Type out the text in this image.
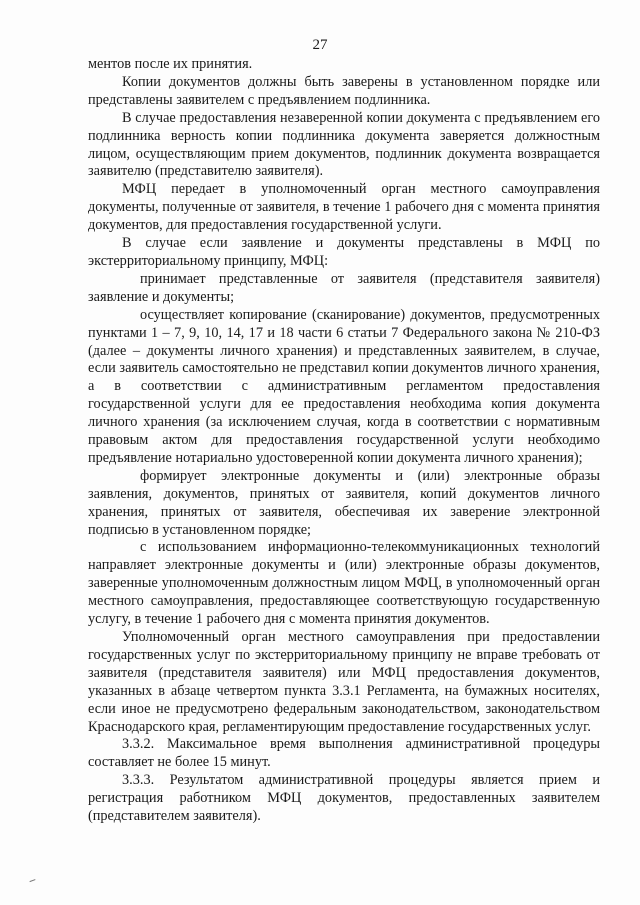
27

ментов после их принятия.

Копии документов должны быть заверены в установленном порядке или представлены заявителем с предъявлением подлинника.

В случае предоставления незаверенной копии документа с предъявлением его подлинника верность копии подлинника документа заверяется должностным лицом, осуществляющим прием документов, подлинник документа возвращается заявителю (представителю заявителя).

МФЦ передает в уполномоченный орган местного самоуправления документы, полученные от заявителя, в течение 1 рабочего дня с момента принятия документов, для предоставления государственной услуги.

В случае если заявление и документы представлены в МФЦ по экстерриториальному принципу, МФЦ:

принимает представленные от заявителя (представителя заявителя) заявление и документы;

осуществляет копирование (сканирование) документов, предусмотренных пунктами 1 – 7, 9, 10, 14, 17 и 18 части 6 статьи 7 Федерального закона № 210-ФЗ (далее – документы личного хранения) и представленных заявителем, в случае, если заявитель самостоятельно не представил копии документов личного хранения, а в соответствии с административным регламентом предоставления государственной услуги для ее предоставления необходима копия документа личного хранения (за исключением случая, когда в соответствии с нормативным правовым актом для предоставления государственной услуги необходимо предъявление нотариально удостоверенной копии документа личного хранения);

формирует электронные документы и (или) электронные образы заявления, документов, принятых от заявителя, копий документов личного хранения, принятых от заявителя, обеспечивая их заверение электронной подписью в установленном порядке;

с использованием информационно-телекоммуникационных технологий направляет электронные документы и (или) электронные образы документов, заверенные уполномоченным должностным лицом МФЦ, в уполномоченный орган местного самоуправления, предоставляющее соответствующую государственную услугу, в течение 1 рабочего дня с момента принятия документов.

Уполномоченный орган местного самоуправления при предоставлении государственных услуг по экстерриториальному принципу не вправе требовать от заявителя (представителя заявителя) или МФЦ предоставления документов, указанных в абзаце четвертом пункта 3.3.1 Регламента, на бумажных носителях, если иное не предусмотрено федеральным законодательством, законодательством Краснодарского края, регламентирующим предоставление государственных услуг.

3.3.2. Максимальное время выполнения административной процедуры составляет не более 15 минут.

3.3.3. Результатом административной процедуры является прием и регистрация работником МФЦ документов, предоставленных заявителем (представителем заявителя).
